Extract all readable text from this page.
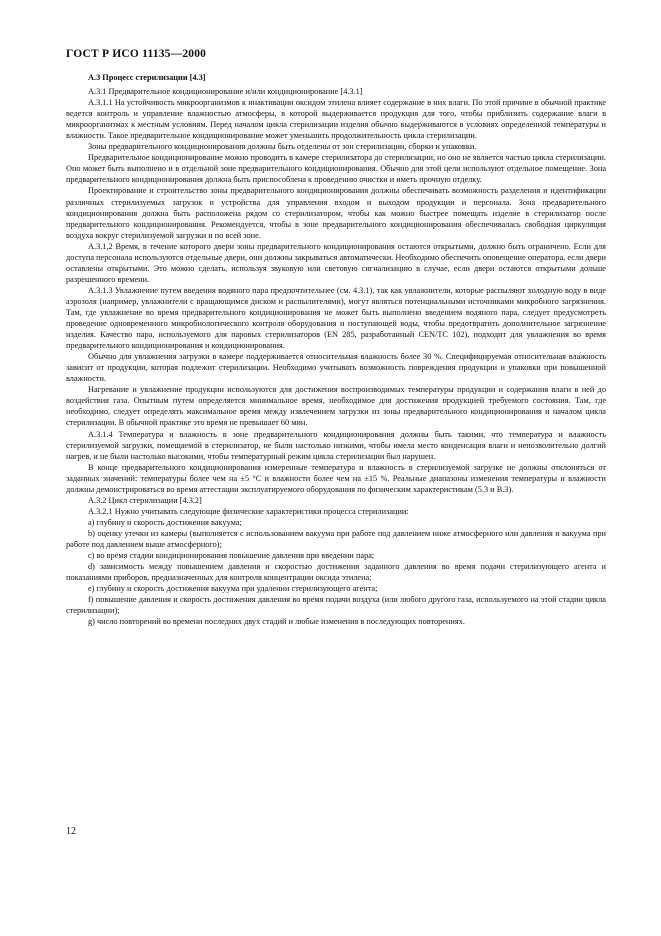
ГОСТ Р ИСО 11135—2000

А.3 Процесс стерилизации [4.3]

А.3.1 Предварительное кондиционирование и/или кондиционирование [4.3.1]

А.3.1.1 На устойчивость микроорганизмов к инактивации оксидом этилена влияет содержание в них влаги. По этой причине в обычной практике ведется контроль и управление влажностью атмосферы, в которой выдерживается продукция для того, чтобы приблизить содержание влаги в микроорганизмах к местным условиям. Перед началом цикла стерилизации изделия обычно выдерживаются в условиях определенной температуры и влажности. Такое предварительное кондиционирование может уменьшить продолжительность цикла стерилизации.

Зоны предварительного кондиционирования должны быть отделены от зон стерилизации, сборки и упаковки.

Предварительное кондиционирование можно проводить в камере стерилизатора до стерилизации, но оно не является частью цикла стерилизации. Оно может быть выполнено и в отдельной зоне предварительного кондиционирования. Обычно для этой цели используют отдельное помещение. Зона предварительного кондиционирования должна быть приспособлена к проведению очистки и иметь прочную отделку.

Проектирование и строительство зоны предварительного кондиционирования должны обеспечивать возможность разделения и идентификации различных стерилизуемых загрузок и устройства для управления входом и выходом продукции и персонала. Зона предварительного кондиционирования должна быть расположена рядом со стерилизатором, чтобы как можно быстрее помещать изделие в стерилизатор после предварительного кондиционирования. Рекомендуется, чтобы в зоне предварительного кондиционирования обеспечивалась свободная циркуляция воздуха вокруг стерилизуемой загрузки и по всей зоне.

А.3.1,2 Время, в течение которого двери зоны предварительного кондиционирования остаются открытыми, должно быть ограничено. Если для доступа персонала используются отдельные двери, они должны закрываться автоматически. Необходимо обеспечить оповещение оператора, если двери оставлены открытыми. Это можно сделать, используя звуковую или световую сигнализацию в случае, если двери остаются открытыми дольше разрешенного времени.

А.3.1.3 Увлажнение путем введения водяного пара предпочтительнее (см. 4.3.1), так как увлажнители, которые распыляют холодную воду в виде аэрозоля (например, увлажнители с вращающимся диском и распылителями), могут являться потенциальными источниками микробного загрязнения. Там, где увлажнение во время предварительного кондиционирования не может быть выполнено введением водяного пара, следует предусмотреть проведение одновременного микробиологического контроля оборудования и поступающей воды, чтобы предотвратить дополнительное загрязнение изделия. Качество пара, используемого для паровых стерилизаторов (EN 285, разработанный CEN/TC 102), подходит для увлажнения во время предварительного кондиционирования и кондиционирования.

Обычно для увлажнения загрузки в камере поддерживается относительная влажность более 30 %. Специфицируемая относительная влажность зависит от продукции, которая подлежит стерилизации. Необходимо учитывать возможность повреждения продукции и упаковки при повышенной влажности.

Нагревание и увлажнение продукции используются для достижения воспроизводимых температуры продукции и содержания влаги в ней до воздействия газа. Опытным путем определяется минимальное время, необходимое для достижения продукцией требуемого состояния. Там, где необходимо, следует определять максимальное время между извлечением загрузки из зоны предварительного кондиционирования и началом цикла стерилизации. В обычной практике это время не превышает 60 мин.

А.3.1.4 Температура и влажность в зоне предварительного кондиционирования должны быть такими, что температура и влажность стерилизуемой загрузки, помещаемой в стерилизатор, не были настолько низкими, чтобы имела место конденсация влаги и непозволительно долгий нагрев, и не были настолько высокими, чтобы температурный режим цикла стерилизации был нарушен.

В конце предварительного кондиционирования измеренные температура и влажность в стерилизуемой загрузке не должны отклоняться от заданных значений: температуры более чем на ±5 °С и влажности более чем на ±15 %. Реальные диапазоны изменения температуры и влажности должны демонстрироваться во время аттестации эксплуатируемого оборудования по физическим характеристикам (5.3 и В.3).

А.3.2 Цикл стерилизации [4.3.2]

А.3.2.1 Нужно учитывать следующие физические характеристики процесса стерилизации:

а) глубину и скорость достижения вакуума;

b) оценку утечки из камеры (выполняется с использованием вакуума при работе под давлением ниже атмосферного или давления и вакуума при работе под давлением выше атмосферного);

с) во время стадии кондиционирования повышение давления при введении пара;

d) зависимость между повышением давления и скоростью достижения заданного давления во время подачи стерилизующего агента и показаниями приборов, предназначенных для контроля концентрации оксида этилена;

е) глубину и скорость достижения вакуума при удалении стерилизующего агента;

f) повышение давления и скорость достижения давления во время подачи воздуха (или любого другого газа, используемого на этой стадии цикла стерилизации);

g) число повторений во времени последних двух стадий и любые изменения в последующих повторениях.

12
